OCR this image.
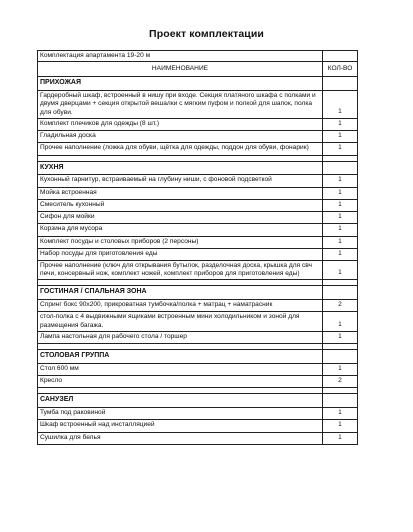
Проект комплектации
Комплектация апартамента 19-20 м	
НАИМЕНОВАНИЕ	КОЛ-ВО
ПРИХОЖАЯ	
Гардеробный шкаф, встроенный в нишу при входе. Секция платяного шкафа с полками и двумя дверцами + секция открытой вешалки с мягким пуфом и полкой для шапок, полка для обуви.	1
Комплект плечиков для одежды (8 шт.)	1
Гладильная доска	1
Прочее наполнение (ложка для обуви, щётка для одежды, поддон для обуви, фонарик)	1

КУХНЯ	
Кухонный гарнитур, встраиваемый на глубину ниши, с фоновой подсветкой	1
Мойка встроенная	1
Смеситель кухонный	1
Сифон для мойки	1
Корзина для мусора	1
Комплект посуды и столовых приборов (2 персоны)	1
Набор посуды для приготовления еды	1
Прочее наполнение (ключ для открывания бутылок, разделочная доска, крышка для свч печи, консервный нож, комплект ножей, комплект приборов для приготовления еды)	1

ГОСТИНАЯ / СПАЛЬНАЯ ЗОНА	
Спринг бокс 90х200, прикроватная тумбочка/полка + матрац + наматрасник	2
стол-полка с 4 выдвижными ящиками встроенным мини холодильником и зоной для размещения багажа.	1
Лампа настольная для рабочего стола / торшер	1

СТОЛОВАЯ ГРУППА	
Стол 600 мм	1
Кресло	2

САНУЗЕЛ	
Тумба под раковиной	1
Шкаф встроенный над инсталляцией	1
Сушилка для белья	1
